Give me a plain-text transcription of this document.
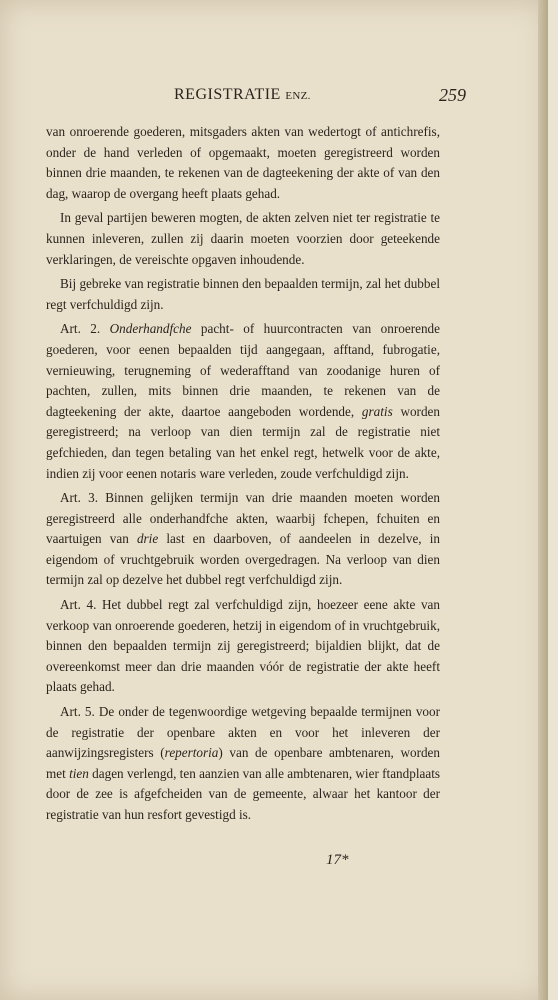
REGISTRATIE ENZ.	259

van onroerende goederen, mitsgaders akten van wedertogt of antichrefis, onder de hand verleden of opgemaakt, moeten geregistreerd worden binnen drie maanden, te rekenen van de dagteekening der akte of van den dag, waarop de overgang heeft plaats gehad.

In geval partijen beweren mogten, de akten zelven niet ter registratie te kunnen inleveren, zullen zij daarin moeten voorzien door geteekende verklaringen, de vereischte opgaven inhoudende.

Bij gebreke van registratie binnen den bepaalden termijn, zal het dubbel regt verfchuldigd zijn.

Art. 2. Onderhandfche pacht- of huurcontracten van onroerende goederen, voor eenen bepaalden tijd aangegaan, afftand, fubrogatie, vernieuwing, terugneming of wederafftand van zoodanige huren of pachten, zullen, mits binnen drie maanden, te rekenen van de dagteekening der akte, daartoe aangeboden wordende, gratis worden geregistreerd; na verloop van dien termijn zal de registratie niet gefchieden, dan tegen betaling van het enkel regt, hetwelk voor de akte, indien zij voor eenen notaris ware verleden, zoude verfchuldigd zijn.

Art. 3. Binnen gelijken termijn van drie maanden moeten worden geregistreerd alle onderhandfche akten, waarbij fchepen, fchuiten en vaartuigen van drie last en daarboven, of aandeelen in dezelve, in eigendom of vruchtgebruik worden overgedragen. Na verloop van dien termijn zal op dezelve het dubbel regt verfchuldigd zijn.

Art. 4. Het dubbel regt zal verfchuldigd zijn, hoezeer eene akte van verkoop van onroerende goederen, hetzij in eigendom of in vruchtgebruik, binnen den bepaalden termijn zij geregistreerd; bijaldien blijkt, dat de overeenkomst meer dan drie maanden vóór de registratie der akte heeft plaats gehad.

Art. 5. De onder de tegenwoordige wetgeving bepaalde termijnen voor de registratie der openbare akten en voor het inleveren der aanwijzingsregisters (repertoria) van de openbare ambtenaren, worden met tien dagen verlengd, ten aanzien van alle ambtenaren, wier ftandplaats door de zee is afgefcheiden van de gemeente, alwaar het kantoor der registratie van hun resfort gevestigd is.

17*
